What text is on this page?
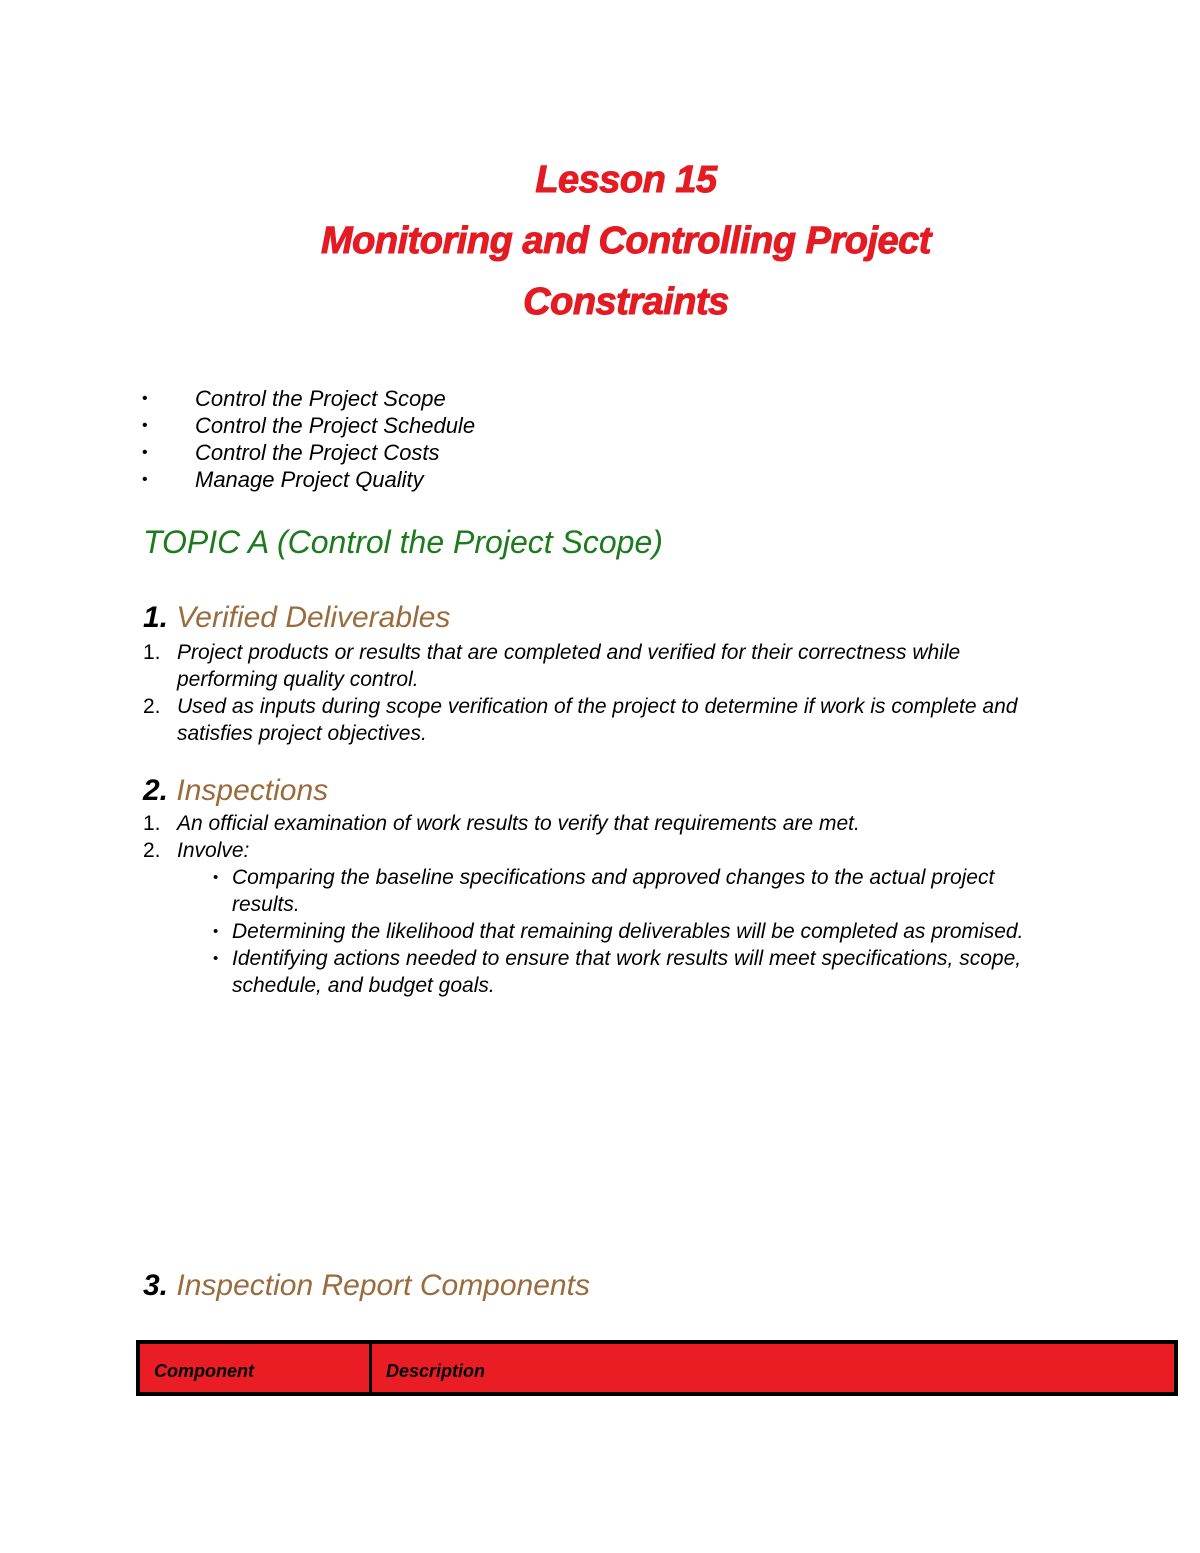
Lesson 15
Monitoring and Controlling Project
Constraints
• Control the Project Scope
• Control the Project Schedule
• Control the Project Costs
• Manage Project Quality
TOPIC A (Control the Project Scope)
1. Verified Deliverables
1. Project products or results that are completed and verified for their correctness while performing quality control.
2. Used as inputs during scope verification of the project to determine if work is complete and satisfies project objectives.
2. Inspections
1. An official examination of work results to verify that requirements are met.
2. Involve:
• Comparing the baseline specifications and approved changes to the actual project results.
• Determining the likelihood that remaining deliverables will be completed as promised.
• Identifying actions needed to ensure that work results will meet specifications, scope, schedule, and budget goals.
3. Inspection Report Components
Component	Description
